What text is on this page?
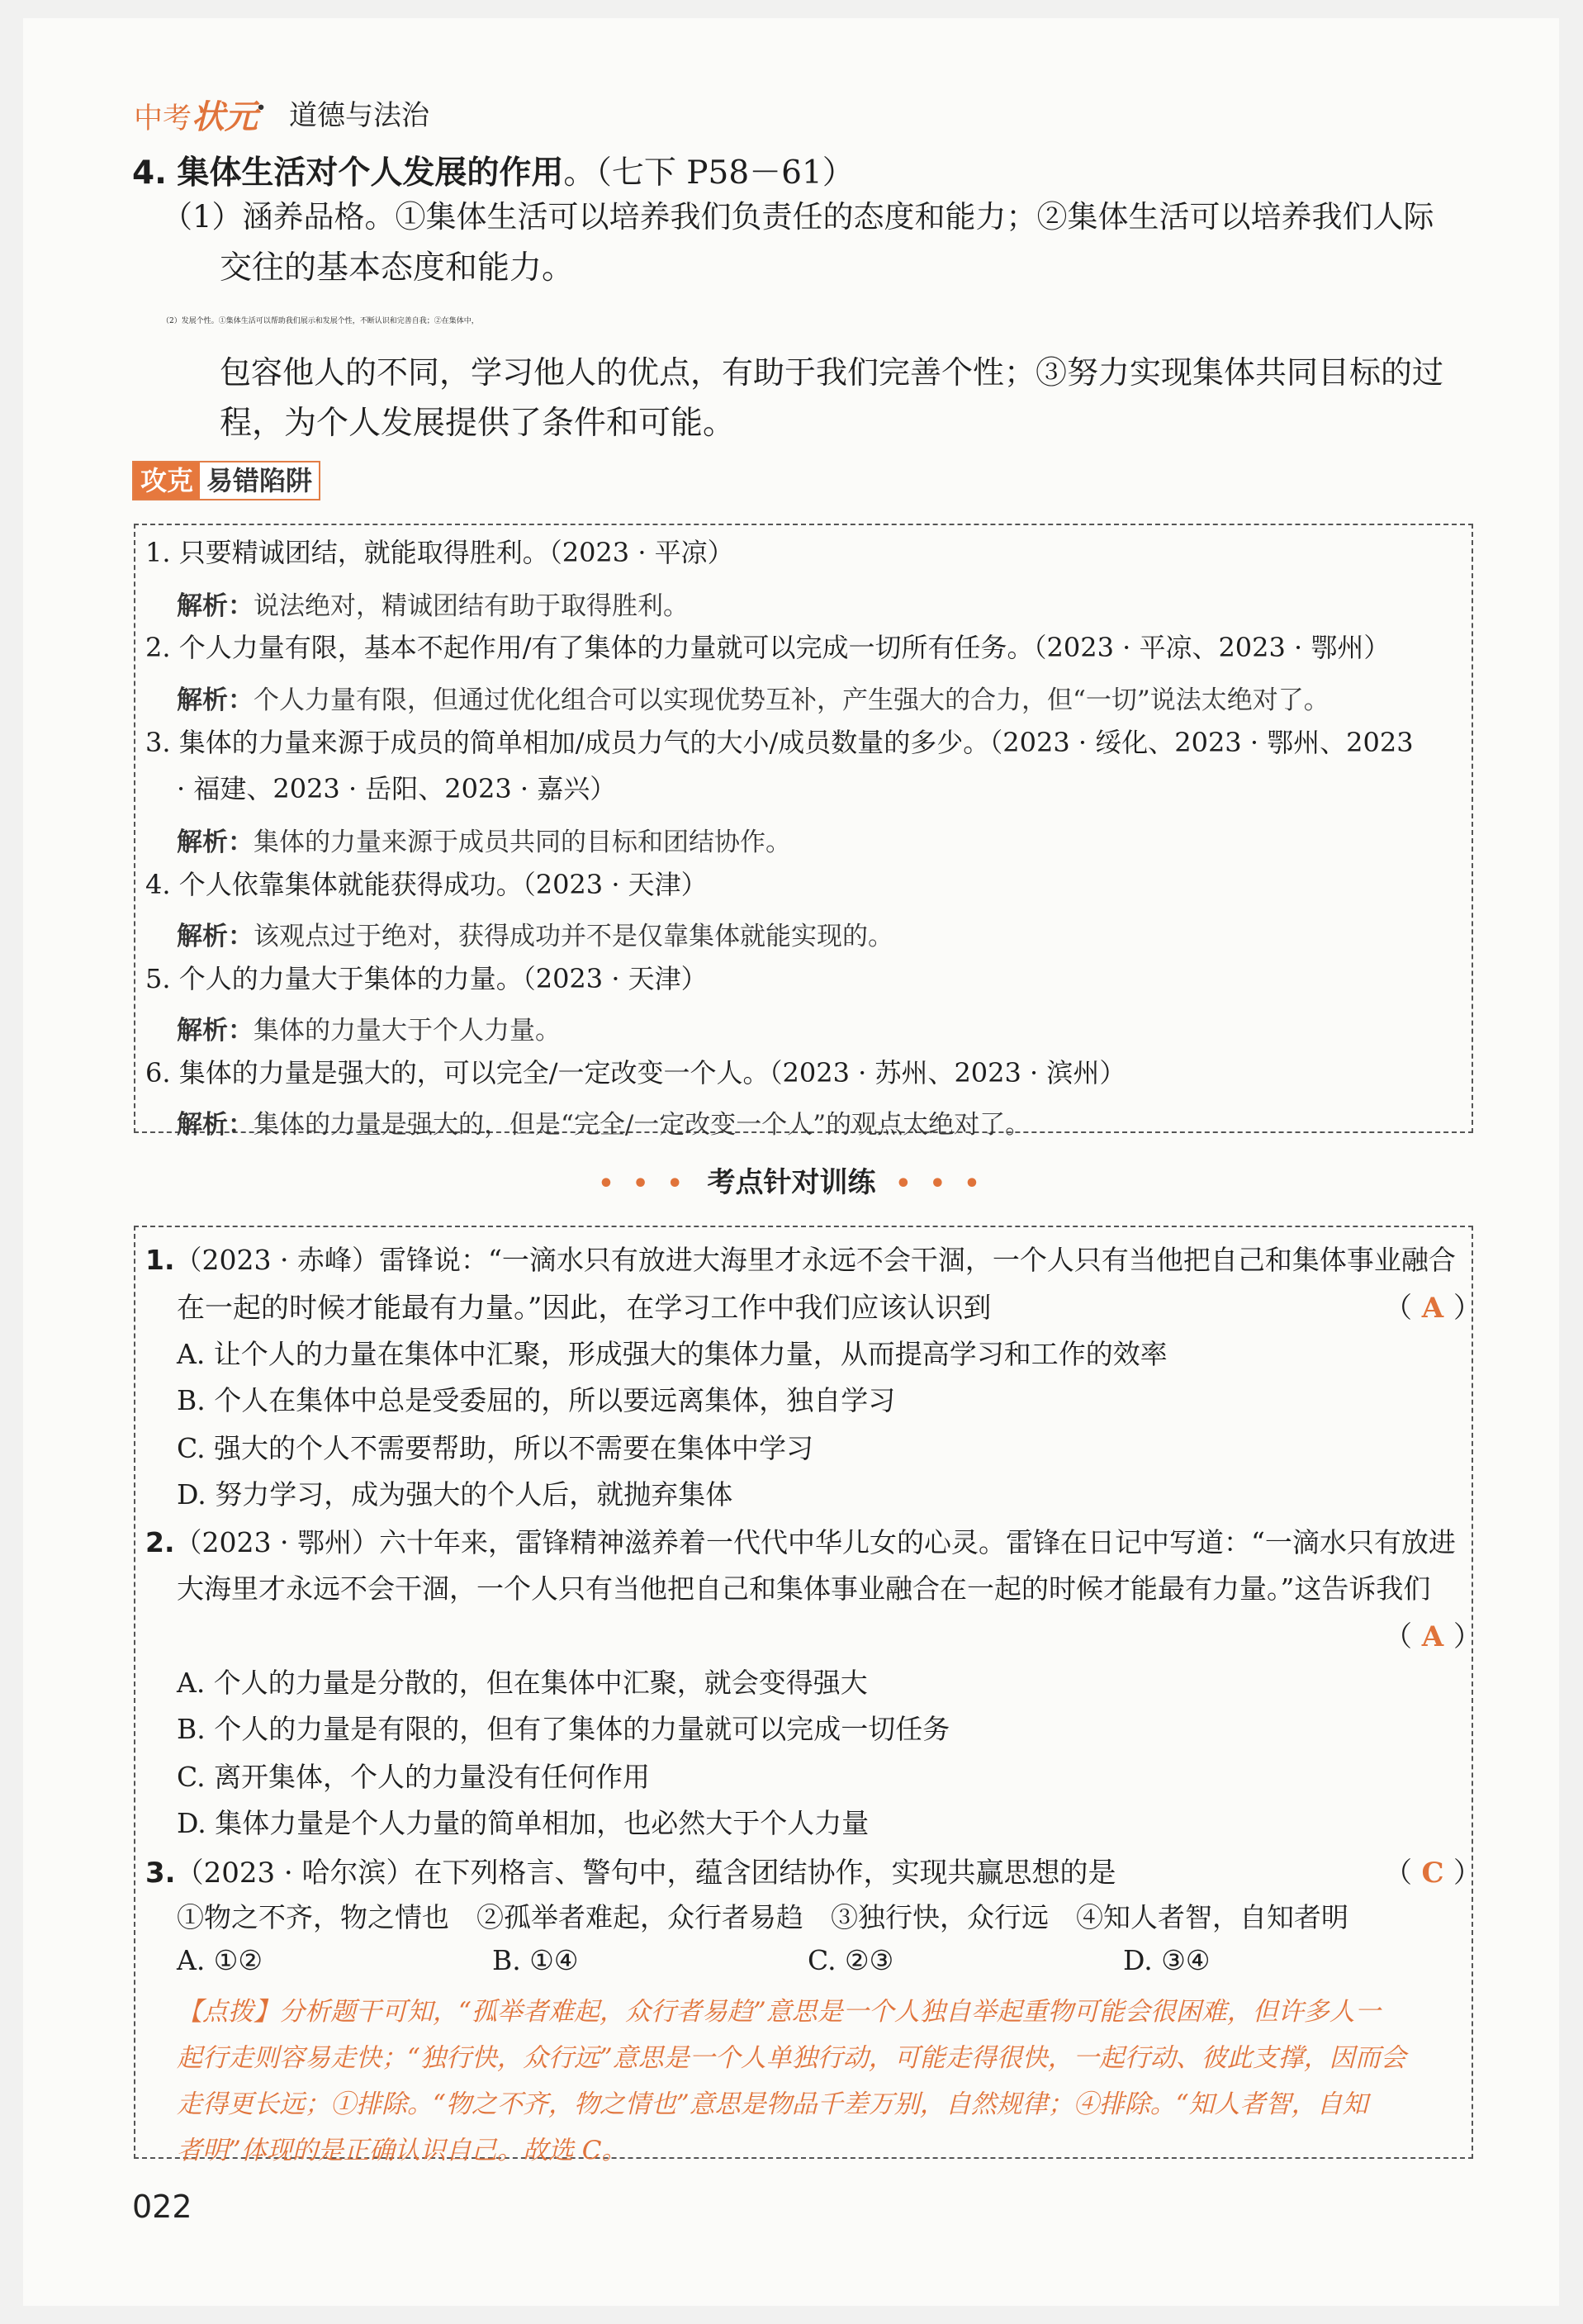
中考状元
· 道德与法治
4. 集体生活对个人发展的作用。（七下 P58－61）
（1）涵养品格。①集体生活可以培养我们负责任的态度和能力；②集体生活可以培养我们人际
交往的基本态度和能力。
（2）发展个性。①集体生活可以帮助我们展示和发展个性，不断认识和完善自我；②在集体中，
包容他人的不同，学习他人的优点，有助于我们完善个性；③努力实现集体共同目标的过
程，为个人发展提供了条件和可能。
攻克 易错陷阱
1. 只要精诚团结，就能取得胜利。（2023 · 平凉）
解析：说法绝对，精诚团结有助于取得胜利。
2. 个人力量有限，基本不起作用/有了集体的力量就可以完成一切所有任务。（2023 · 平凉、2023 · 鄂州）
解析：个人力量有限，但通过优化组合可以实现优势互补，产生强大的合力，但“一切”说法太绝对了。
3. 集体的力量来源于成员的简单相加/成员力气的大小/成员数量的多少。（2023 · 绥化、2023 · 鄂州、2023
· 福建、2023 · 岳阳、2023 · 嘉兴）
解析：集体的力量来源于成员共同的目标和团结协作。
4. 个人依靠集体就能获得成功。（2023 · 天津）
解析：该观点过于绝对，获得成功并不是仅靠集体就能实现的。
5. 个人的力量大于集体的力量。（2023 · 天津）
解析：集体的力量大于个人力量。
6. 集体的力量是强大的，可以完全/一定改变一个人。（2023 · 苏州、2023 · 滨州）
解析：集体的力量是强大的，但是“完全/一定改变一个人”的观点太绝对了。
• • • 考点针对训练 • • •
1.（2023 · 赤峰）雷锋说：“一滴水只有放进大海里才永远不会干涸，一个人只有当他把自己和集体事业融合
在一起的时候才能最有力量。”因此，在学习工作中我们应该认识到	（ A ）
A. 让个人的力量在集体中汇聚，形成强大的集体力量，从而提高学习和工作的效率
B. 个人在集体中总是受委屈的，所以要远离集体，独自学习
C. 强大的个人不需要帮助，所以不需要在集体中学习
D. 努力学习，成为强大的个人后，就抛弃集体
2.（2023 · 鄂州）六十年来，雷锋精神滋养着一代代中华儿女的心灵。雷锋在日记中写道：“一滴水只有放进
大海里才永远不会干涸，一个人只有当他把自己和集体事业融合在一起的时候才能最有力量。”这告诉我们
（ A ）
A. 个人的力量是分散的，但在集体中汇聚，就会变得强大
B. 个人的力量是有限的，但有了集体的力量就可以完成一切任务
C. 离开集体，个人的力量没有任何作用
D. 集体力量是个人力量的简单相加，也必然大于个人力量
3.（2023 · 哈尔滨）在下列格言、警句中，蕴含团结协作，实现共赢思想的是	（ C ）
①物之不齐，物之情也　②孤举者难起，众行者易趋　③独行快，众行远　④知人者智，自知者明
A. ①②	B. ①④	C. ②③	D. ③④
【点拨】分析题干可知，“孤举者难起，众行者易趋”意思是一个人独自举起重物可能会很困难，但许多人一
起行走则容易走快；“独行快，众行远”意思是一个人单独行动，可能走得很快，一起行动、彼此支撑，因而会
走得更长远；①排除。“物之不齐，物之情也”意思是物品千差万别，自然规律；④排除。“知人者智，自知
者明”体现的是正确认识自己。故选 C。
022
